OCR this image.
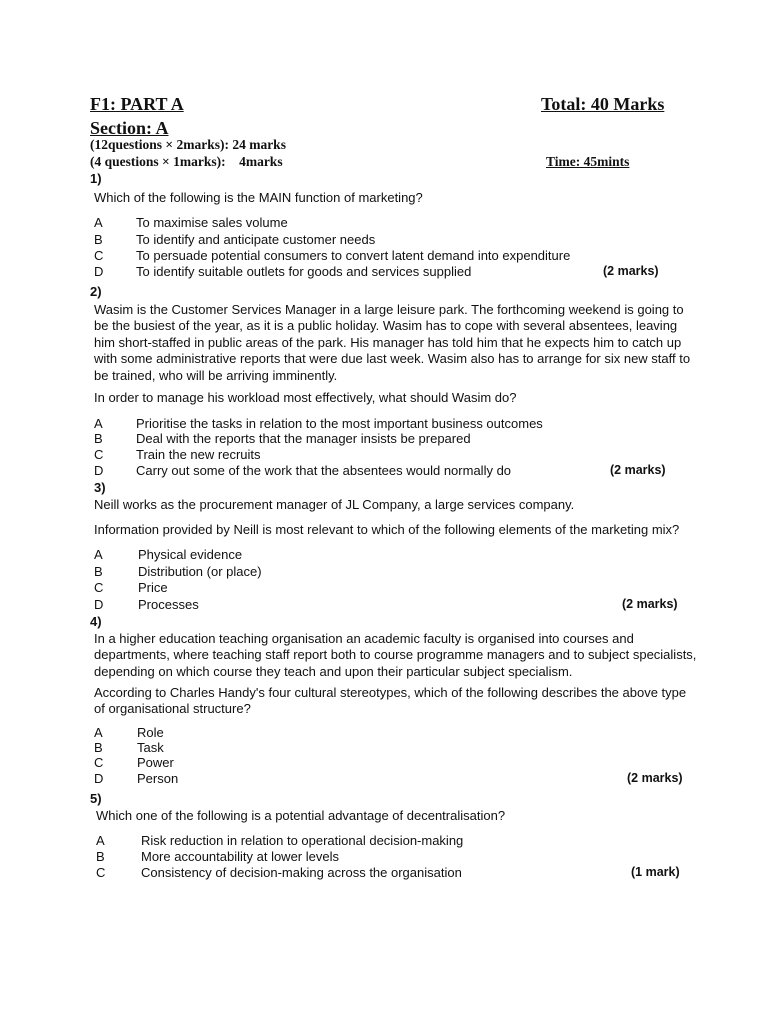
F1: PART A	Total: 40 Marks
Section: A
(12questions × 2marks): 24 marks
(4 questions × 1marks):    4marks	Time: 45mints
1)
Which of the following is the MAIN function of marketing?
A	To maximise sales volume
B	To identify and anticipate customer needs
C	To persuade potential consumers to convert latent demand into expenditure
D	To identify suitable outlets for goods and services supplied	(2 marks)
2)

Wasim is the Customer Services Manager in a large leisure park. The forthcoming weekend is going to

be the busiest of the year, as it is a public holiday. Wasim has to cope with several absentees, leaving

him short-staffed in public areas of the park. His manager has told him that he expects him to catch up

with some administrative reports that were due last week. Wasim also has to arrange for six new staff to

be trained, who will be arriving imminently.

In order to manage his workload most effectively, what should Wasim do?
A	Prioritise the tasks in relation to the most important business outcomes
B	Deal with the reports that the manager insists be prepared
C	Train the new recruits
D	Carry out some of the work that the absentees would normally do	(2 marks)
3)
Neill works as the procurement manager of JL Company, a large services company.
Information provided by Neill is most relevant to which of the following elements of the marketing mix?
A	Physical evidence
B	Distribution (or place)
C	Price
D	Processes	(2 marks)
4)

In a higher education teaching organisation an academic faculty is organised into courses and

departments, where teaching staff report both to course programme managers and to subject specialists,

depending on which course they teach and upon their particular subject specialism.

According to Charles Handy's four cultural stereotypes, which of the following describes the above type

of organisational structure?

A	Role
B	Task
C	Power
D	Person	(2 marks)
5)
Which one of the following is a potential advantage of decentralisation?
A	Risk reduction in relation to operational decision-making
B	More accountability at lower levels
C	Consistency of decision-making across the organisation	(1 mark)
